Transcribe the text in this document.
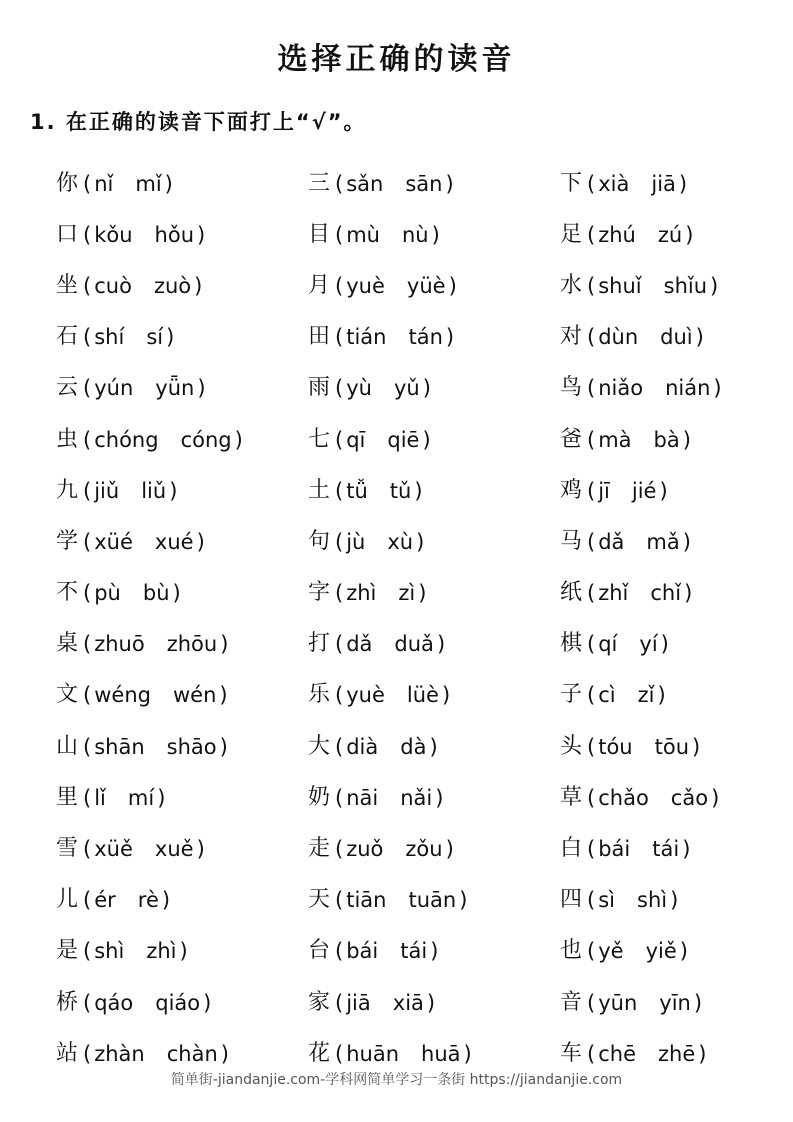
选择正确的读音
1. 在正确的读音下面打上“√”。
你 ( nǐ mǐ )	三 ( sǎn sān )	下 ( xià jiā )
口 ( kǒu hǒu )	目 ( mù nù )	足 ( zhú zú )
坐 ( cuò zuò )	月 ( yuè yüè )	水 ( shuǐ shǐu )
石 ( shí sí )	田 ( tián tán )	对 ( dùn duì )
云 ( yún yǖn )	雨 ( yù yǔ )	鸟 ( niǎo nián )
虫 ( chóng cóng )	七 ( qī qiē )	爸 ( mà bà )
九 ( jiǔ liǔ )	土 ( tǚ tǔ )	鸡 ( jī jié )
学 ( xüé xué )	句 ( jù xù )	马 ( dǎ mǎ )
不 ( pù bù )	字 ( zhì zì )	纸 ( zhǐ chǐ )
桌 ( zhuō zhōu )	打 ( dǎ duǎ )	棋 ( qí yí )
文 ( wéng wén )	乐 ( yuè lüè )	子 ( cì zǐ )
山 ( shān shāo )	大 ( dià dà )	头 ( tóu tōu )
里 ( lǐ mí )	奶 ( nāi nǎi )	草 ( chǎo cǎo )
雪 ( xüě xuě )	走 ( zuǒ zǒu )	白 ( bái tái )
儿 ( ér rè )	天 ( tiān tuān )	四 ( sì shì )
是 ( shì zhì )	台 ( bái tái )	也 ( yě yiě )
桥 ( qáo qiáo )	家 ( jiā xiā )	音 ( yūn yīn )
站 ( zhàn chàn )	花 ( huān huā )	车 ( chē zhē )
简单街-jiandanjie.com-学科网简单学习一条街 https://jiandanjie.com
